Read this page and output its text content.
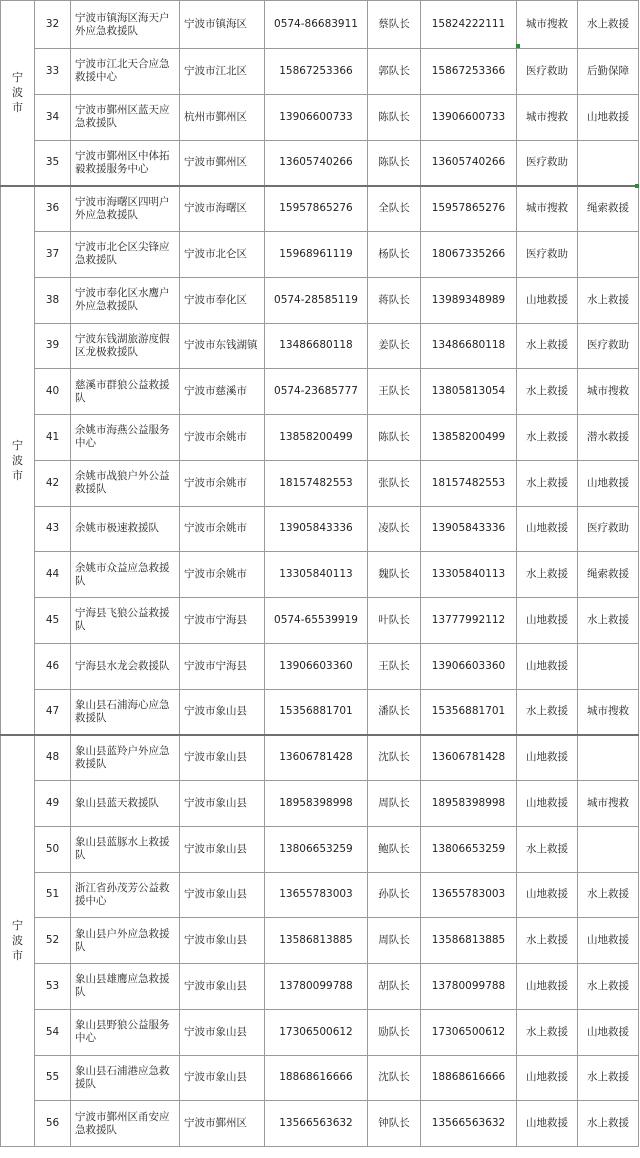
宁波市	32	宁波市镇海区海天户外应急救援队	宁波市镇海区	0574-86683911	蔡队长	15824222111	城市搜救	水上救援
	33	宁波市江北天合应急救援中心	宁波市江北区	15867253366	郭队长	15867253366	医疗救助	后勤保障
	34	宁波市鄞州区蓝天应急救援队	杭州市鄞州区	13906600733	陈队长	13906600733	城市搜救	山地救援
	35	宁波市鄞州区中体拓毅救援服务中心	宁波市鄞州区	13605740266	陈队长	13605740266	医疗救助	
宁波市	36	宁波市海曙区四明户外应急救援队	宁波市海曙区	15957865276	全队长	15957865276	城市搜救	绳索救援
	37	宁波市北仑区尖锋应急救援队	宁波市北仑区	15968961119	杨队长	18067335266	医疗救助	
	38	宁波市奉化区水鹰户外应急救援队	宁波市奉化区	0574-28585119	蒋队长	13989348989	山地救援	水上救援
	39	宁波东钱湖旅游度假区龙极救援队	宁波市东钱湖镇	13486680118	姜队长	13486680118	水上救援	医疗救助
	40	慈溪市群狼公益救援队	宁波市慈溪市	0574-23685777	王队长	13805813054	水上救援	城市搜救
	41	余姚市海燕公益服务中心	宁波市余姚市	13858200499	陈队长	13858200499	水上救援	潜水救援
	42	余姚市战狼户外公益救援队	宁波市余姚市	18157482553	张队长	18157482553	水上救援	山地救援
	43	余姚市极速救援队	宁波市余姚市	13905843336	凌队长	13905843336	山地救援	医疗救助
	44	余姚市众益应急救援队	宁波市余姚市	13305840113	魏队长	13305840113	水上救援	绳索救援
	45	宁海县飞狼公益救援队	宁波市宁海县	0574-65539919	叶队长	13777992112	山地救援	水上救援
	46	宁海县水龙会救援队	宁波市宁海县	13906603360	王队长	13906603360	山地救援	
	47	象山县石浦海心应急救援队	宁波市象山县	15356881701	潘队长	15356881701	水上救援	城市搜救
宁波市	48	象山县蓝羚户外应急救援队	宁波市象山县	13606781428	沈队长	13606781428	山地救援	
	49	象山县蓝天救援队	宁波市象山县	18958398998	周队长	18958398998	山地救援	城市搜救
	50	象山县蓝豚水上救援队	宁波市象山县	13806653259	鲍队长	13806653259	水上救援	
	51	浙江省孙茂芳公益救援中心	宁波市象山县	13655783003	孙队长	13655783003	山地救援	水上救援
	52	象山县户外应急救援队	宁波市象山县	13586813885	周队长	13586813885	水上救援	山地救援
	53	象山县雄鹰应急救援队	宁波市象山县	13780099788	胡队长	13780099788	山地救援	水上救援
	54	象山县野狼公益服务中心	宁波市象山县	17306500612	励队长	17306500612	水上救援	山地救援
	55	象山县石浦港应急救援队	宁波市象山县	18868616666	沈队长	18868616666	山地救援	水上救援
	56	宁波市鄞州区甬安应急救援队	宁波市鄞州区	13566563632	钟队长	13566563632	山地救援	水上救援
